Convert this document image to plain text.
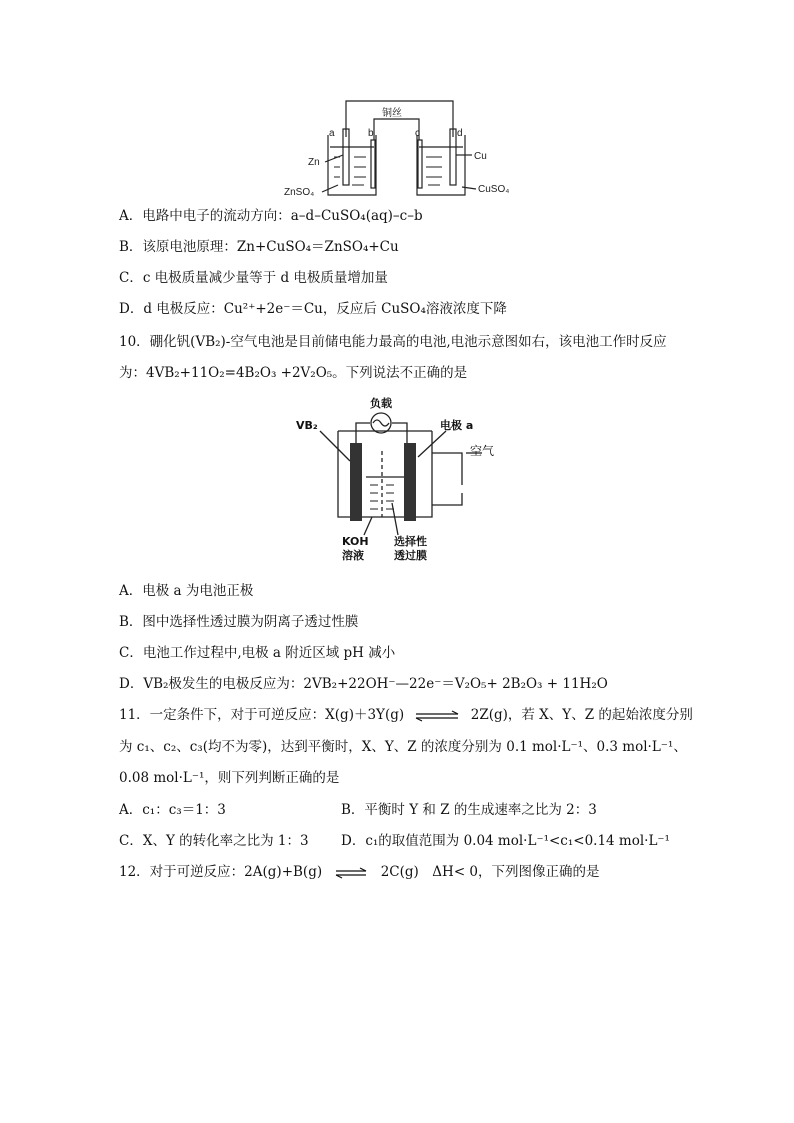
铜丝
a	b	c	d
Zn
ZnSO₄
Cu
CuSO₄
A．电路中电子的流动方向：a–d–CuSO₄(aq)–c–b
B．该原电池原理：Zn+CuSO₄＝ZnSO₄+Cu
C．c 电极质量减少量等于 d 电极质量增加量
D．d 电极反应：Cu²⁺+2e⁻＝Cu，反应后 CuSO₄溶液浓度下降
10．硼化钒(VB₂)-空气电池是目前储电能力最高的电池,电池示意图如右，该电池工作时反应
为：4VB₂+11O₂=4B₂O₃ +2V₂O₅。下列说法不正确的是
负载
VB₂	电极 a
空气
KOH
溶液
选择性
透过膜
A．电极 a 为电池正极
B．图中选择性透过膜为阴离子透过性膜
C．电池工作过程中,电极 a 附近区域 pH 减小
D．VB₂极发生的电极反应为：2VB₂+22OH⁻—22e⁻＝V₂O₅+ 2B₂O₃ + 11H₂O
11．一定条件下，对于可逆反应：X(g)＋3Y(g) ⇌ 2Z(g)，若 X、Y、Z 的起始浓度分别
为 c₁、c₂、c₃(均不为零)，达到平衡时，X、Y、Z 的浓度分别为 0.1 mol·L⁻¹、0.3 mol·L⁻¹、
0.08 mol·L⁻¹，则下列判断正确的是
A．c₁：c₃＝1：3	B．平衡时 Y 和 Z 的生成速率之比为 2：3
C．X、Y 的转化率之比为 1：3 D．c₁的取值范围为 0.04 mol·L⁻¹<c₁<0.14 mol·L⁻¹
12．对于可逆反应：2A(g)+B(g) ⇌ 2C(g)　ΔH< 0，下列图像正确的是
